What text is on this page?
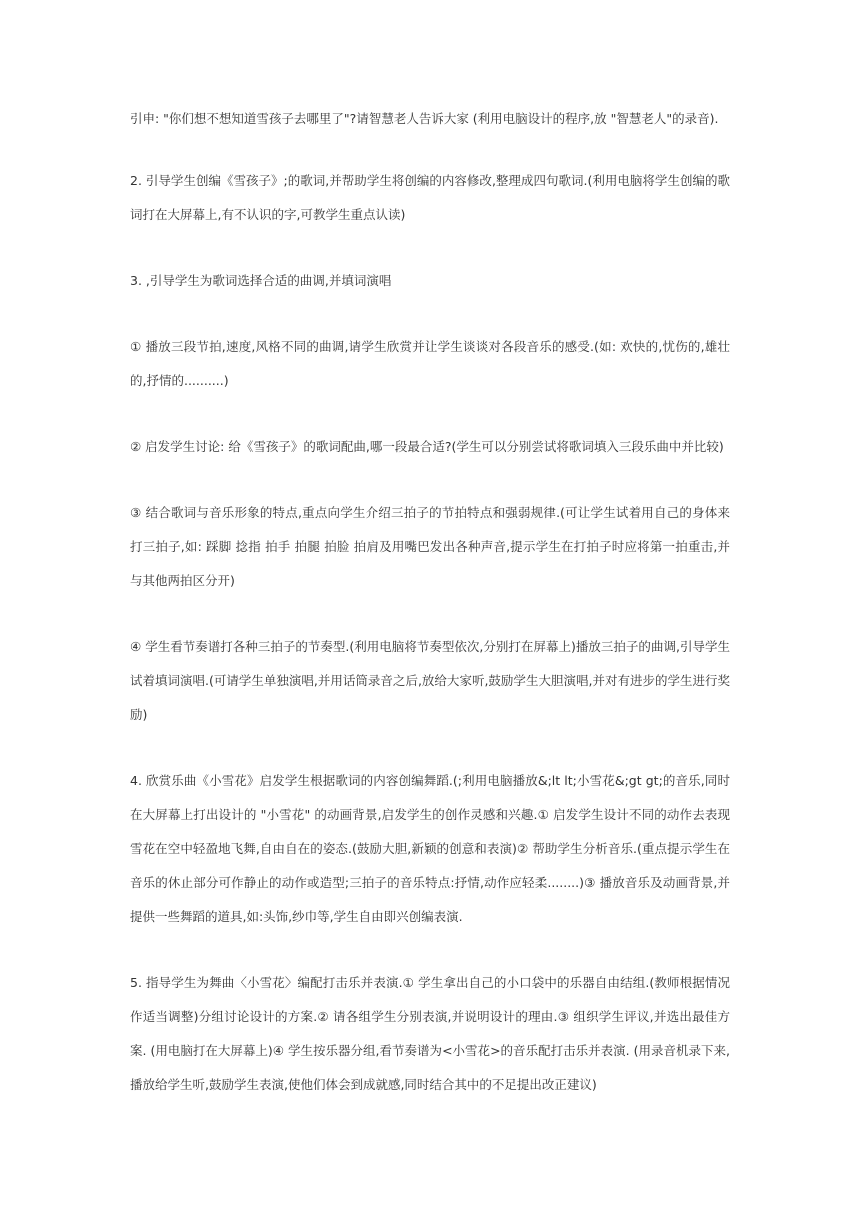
引申: "你们想不想知道雪孩子去哪里了"?请智慧老人告诉大家 (利用电脑设计的程序,放 "智慧老人"的录音).

2. 引导学生创编《雪孩子》;的歌词,并帮助学生将创编的内容修改,整理成四句歌词.(利用电脑将学生创编的歌词打在大屏幕上,有不认识的字,可教学生重点认读)

3. ,引导学生为歌词选择合适的曲调,并填词演唱

① 播放三段节拍,速度,风格不同的曲调,请学生欣赏并让学生谈谈对各段音乐的感受.(如: 欢快的,忧伤的,雄壮的,抒情的..........)

② 启发学生讨论: 给《雪孩子》的歌词配曲,哪一段最合适?(学生可以分别尝试将歌词填入三段乐曲中并比较)

③ 结合歌词与音乐形象的特点,重点向学生介绍三拍子的节拍特点和强弱规律.(可让学生试着用自己的身体来打三拍子,如: 踩脚 捻指 拍手 拍腿 拍脸 拍肩及用嘴巴发出各种声音,提示学生在打拍子时应将第一拍重击,并与其他两拍区分开)

④ 学生看节奏谱打各种三拍子的节奏型.(利用电脑将节奏型依次,分别打在屏幕上)播放三拍子的曲调,引导学生试着填词演唱.(可请学生单独演唱,并用话筒录音之后,放给大家听,鼓励学生大胆演唱,并对有进步的学生进行奖励)

4. 欣赏乐曲《小雪花》启发学生根据歌词的内容创编舞蹈.(;利用电脑播放&;lt lt;小雪花&;gt gt;的音乐,同时在大屏幕上打出设计的 "小雪花" 的动画背景,启发学生的创作灵感和兴趣.① 启发学生设计不同的动作去表现雪花在空中轻盈地飞舞,自由自在的姿态.(鼓励大胆,新颖的创意和表演)② 帮助学生分析音乐.(重点提示学生在音乐的休止部分可作静止的动作或造型;三拍子的音乐特点:抒情,动作应轻柔........)③ 播放音乐及动画背景,并提供一些舞蹈的道具,如:头饰,纱巾等,学生自由即兴创编表演.

5. 指导学生为舞曲〈小雪花〉编配打击乐并表演.① 学生拿出自己的小口袋中的乐器自由结组.(教师根据情况作适当调整)分组讨论设计的方案.② 请各组学生分别表演,并说明设计的理由.③ 组织学生评议,并选出最佳方案. (用电脑打在大屏幕上)④ 学生按乐器分组,看节奏谱为<小雪花>的音乐配打击乐并表演. (用录音机录下来,播放给学生听,鼓励学生表演,使他们体会到成就感,同时结合其中的不足提出改正建议)
